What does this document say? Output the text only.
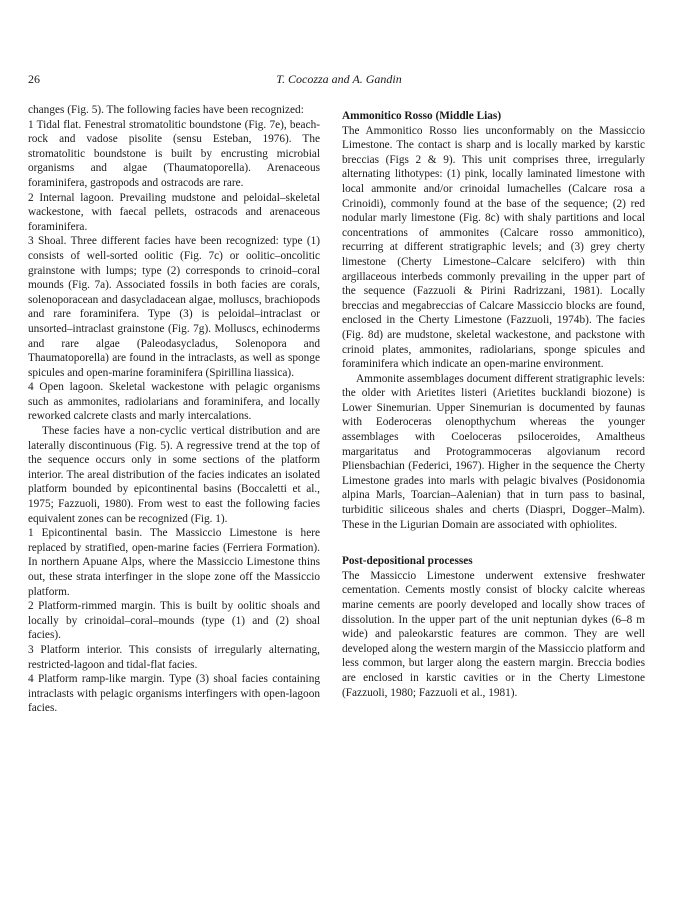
26	T. Cocozza and A. Gandin

changes (Fig. 5). The following facies have been recognized:

1 Tidal flat. Fenestral stromatolitic boundstone (Fig. 7e), beach-rock and vadose pisolite (sensu Esteban, 1976). The stromatolitic boundstone is built by encrusting microbial organisms and algae (Thaumatoporella). Arenaceous foraminifera, gastropods and ostracods are rare.

2 Internal lagoon. Prevailing mudstone and peloidal–skeletal wackestone, with faecal pellets, ostracods and arenaceous foraminifera.

3 Shoal. Three different facies have been recognized: type (1) consists of well-sorted oolitic (Fig. 7c) or oolitic–oncolitic grainstone with lumps; type (2) corresponds to crinoid–coral mounds (Fig. 7a). Associated fossils in both facies are corals, solenoporacean and dasycladacean algae, molluscs, brachiopods and rare foraminifera. Type (3) is peloidal–intraclast or unsorted–intraclast grainstone (Fig. 7g). Molluscs, echinoderms and rare algae (Paleodasycladus, Solenopora and Thaumatoporella) are found in the intraclasts, as well as sponge spicules and open-marine foraminifera (Spirillina liassica).

4 Open lagoon. Skeletal wackestone with pelagic organisms such as ammonites, radiolarians and foraminifera, and locally reworked calcrete clasts and marly intercalations.

These facies have a non-cyclic vertical distribution and are laterally discontinuous (Fig. 5). A regressive trend at the top of the sequence occurs only in some sections of the platform interior. The areal distribution of the facies indicates an isolated platform bounded by epicontinental basins (Boccaletti et al., 1975; Fazzuoli, 1980). From west to east the following facies equivalent zones can be recognized (Fig. 1).

1 Epicontinental basin. The Massiccio Limestone is here replaced by stratified, open-marine facies (Ferriera Formation). In northern Apuane Alps, where the Massiccio Limestone thins out, these strata interfinger in the slope zone off the Massiccio platform.

2 Platform-rimmed margin. This is built by oolitic shoals and locally by crinoidal–coral–mounds (type (1) and (2) shoal facies).

3 Platform interior. This consists of irregularly alternating, restricted-lagoon and tidal-flat facies.

4 Platform ramp-like margin. Type (3) shoal facies containing intraclasts with pelagic organisms interfingers with open-lagoon facies.

Ammonitico Rosso (Middle Lias)

The Ammonitico Rosso lies unconformably on the Massiccio Limestone. The contact is sharp and is locally marked by karstic breccias (Figs 2 & 9). This unit comprises three, irregularly alternating lithotypes: (1) pink, locally laminated limestone with local ammonite and/or crinoidal lumachelles (Calcare rosa a Crinoidi), commonly found at the base of the sequence; (2) red nodular marly limestone (Fig. 8c) with shaly partitions and local concentrations of ammonites (Calcare rosso ammonitico), recurring at different stratigraphic levels; and (3) grey cherty limestone (Cherty Limestone–Calcare selcifero) with thin argillaceous interbeds commonly prevailing in the upper part of the sequence (Fazzuoli & Pirini Radrizzani, 1981). Locally breccias and megabreccias of Calcare Massiccio blocks are found, enclosed in the Cherty Limestone (Fazzuoli, 1974b). The facies (Fig. 8d) are mudstone, skeletal wackestone, and packstone with crinoid plates, ammonites, radiolarians, sponge spicules and foraminifera which indicate an open-marine environment.

Ammonite assemblages document different stratigraphic levels: the older with Arietites listeri (Arietites bucklandi biozone) is Lower Sinemurian. Upper Sinemurian is documented by faunas with Eoderoceras olenopthychum whereas the younger assemblages with Coeloceras psiloceroides, Amaltheus margaritatus and Protogrammoceras algovianum record Pliensbachian (Federici, 1967). Higher in the sequence the Cherty Limestone grades into marls with pelagic bivalves (Posidonomia alpina Marls, Toarcian–Aalenian) that in turn pass to basinal, turbiditic siliceous shales and cherts (Diaspri, Dogger–Malm). These in the Ligurian Domain are associated with ophiolites.

Post-depositional processes

The Massiccio Limestone underwent extensive freshwater cementation. Cements mostly consist of blocky calcite whereas marine cements are poorly developed and locally show traces of dissolution. In the upper part of the unit neptunian dykes (6–8 m wide) and paleokarstic features are common. They are well developed along the western margin of the Massiccio platform and less common, but larger along the eastern margin. Breccia bodies are enclosed in karstic cavities or in the Cherty Limestone (Fazzuoli, 1980; Fazzuoli et al., 1981).
